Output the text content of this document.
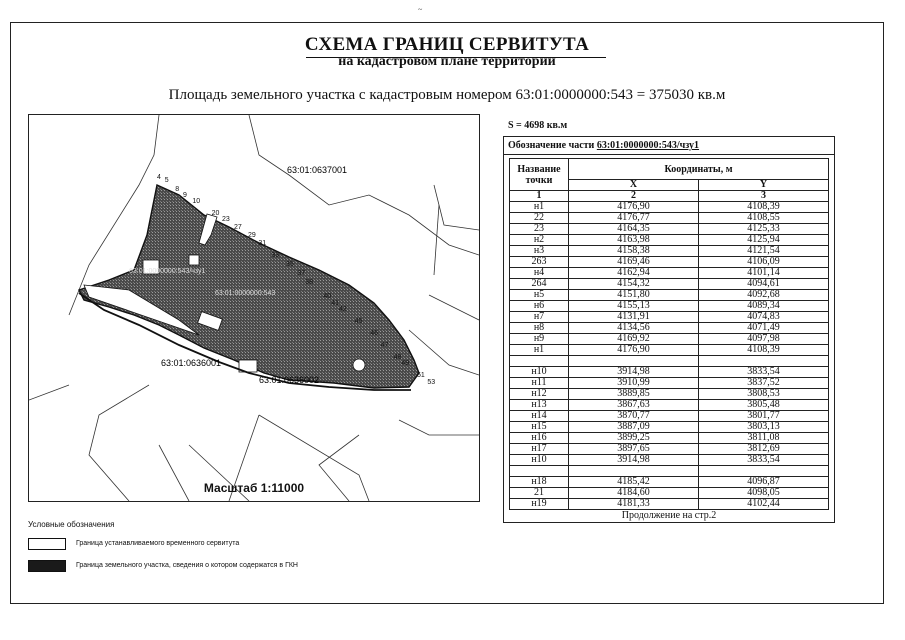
~
СХЕМА ГРАНИЦ СЕРВИТУТА
на кадастровом плане территории
Площадь земельного участка с кадастровым номером 63:01:0000000:543 = 375030 кв.м
4 5
8
9
10
20
23
27
29
31
33
35
37
38
40
41
42
45
46
47
48
49
51
53
63:01:0637001
63:01:0636001
63:01:0636002
63:01:0000000:543
63:01:0000000:543/чзу1
Масштаб 1:11000
Условные обозначения
Граница устанавливаемого временного сервитута
Граница земельного участка, сведения о котором содержатся в ГКН
S = 4698 кв.м
Обозначение части 63:01:0000000:543/чзу1
Название точки	Координаты, м	
	X	Y
1	2	3
н1	4176,90	4108,39
22	4176,77	4108,55
23	4164,35	4125,33
н2	4163,98	4125,94
н3	4158,38	4121,54
263	4169,46	4106,09
н4	4162,94	4101,14
264	4154,32	4094,61
н5	4151,80	4092,68
н6	4155,13	4089,34
н7	4131,91	4074,83
н8	4134,56	4071,49
н9	4169,92	4097,98
н1	4176,90	4108,39

н10	3914,98	3833,54
н11	3910,99	3837,52
н12	3889,85	3808,53
н13	3867,63	3805,48
н14	3870,77	3801,77
н15	3887,09	3803,13
н16	3899,25	3811,08
н17	3897,65	3812,69
н10	3914,98	3833,54

н18	4185,42	4096,87
21	4184,60	4098,05
н19	4181,33	4102,44
Продолжение на стр.2
